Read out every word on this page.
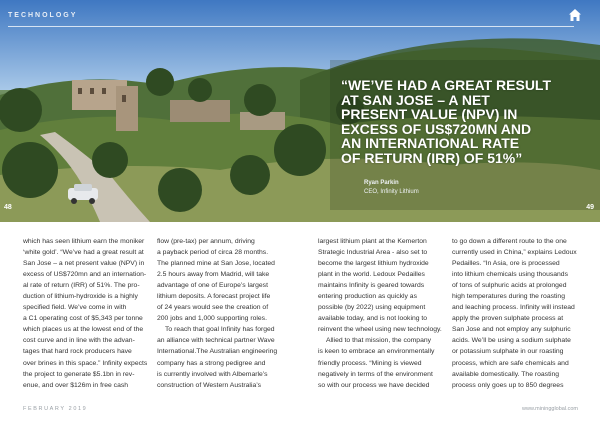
TECHNOLOGY
“WE’VE HAD A GREAT RESULT
AT SAN JOSE – A NET
PRESENT VALUE (NPV) IN
EXCESS OF US$720MN AND
AN INTERNATIONAL RATE
OF RETURN (IRR) OF 51%”
Ryan Parkin
CEO, Infinity Lithium
48	49

which has seen lithium earn the moniker

‘white gold’. “We’ve had a great result at

San Jose – a net present value (NPV) in

excess of US$720mn and an internation-

al rate of return (IRR) of 51%. The pro-

duction of lithium-hydroxide is a highly

specified field. We’ve come in with

a C1 operating cost of $5,343 per tonne

which places us at the lowest end of the

cost curve and in line with the advan-

tages that hard rock producers have

over brines in this space.” Infinity expects

the project to generate $5.1bn in rev-

enue, and over $126m in free cash

flow (pre-tax) per annum, driving

a payback period of circa 28 months.

The planned mine at San Jose, located

2.5 hours away from Madrid, will take

advantage of one of Europe’s largest

lithium deposits. A forecast project life

of 24 years would see the creation of

200 jobs and 1,000 supporting roles.

To reach that goal Infinity has forged

an alliance with technical partner Wave

International.The Australian engineering

company has a strong pedigree and

is currently involved with Albemarle’s

construction of Western Australia’s

largest lithium plant at the Kemerton

Strategic Industrial Area - also set to

become the largest lithium hydroxide

plant in the world. Ledoux Pedailles

maintains Infinity is geared towards

entering production as quickly as

possible (by 2022) using equipment

available today, and is not looking to

reinvent the wheel using new technology.

Allied to that mission, the company

is keen to embrace an environmentally

friendly process. “Mining is viewed

negatively in terms of the environment

so with our process we have decided

to go down a different route to the one

currently used in China,” explains Ledoux

Pedailles. “In Asia, ore is processed

into lithium chemicals using thousands

of tons of sulphuric acids at prolonged

high temperatures during the roasting

and leaching process. Infinity will instead

apply the proven sulphate process at

San Jose and not employ any sulphuric

acids. We’ll be using a sodium sulphate

or potassium sulphate in our roasting

process, which are safe chemicals and

available domestically. The roasting

process only goes up to 850 degrees

FEBRUARY 2019	www.miningglobal.com
